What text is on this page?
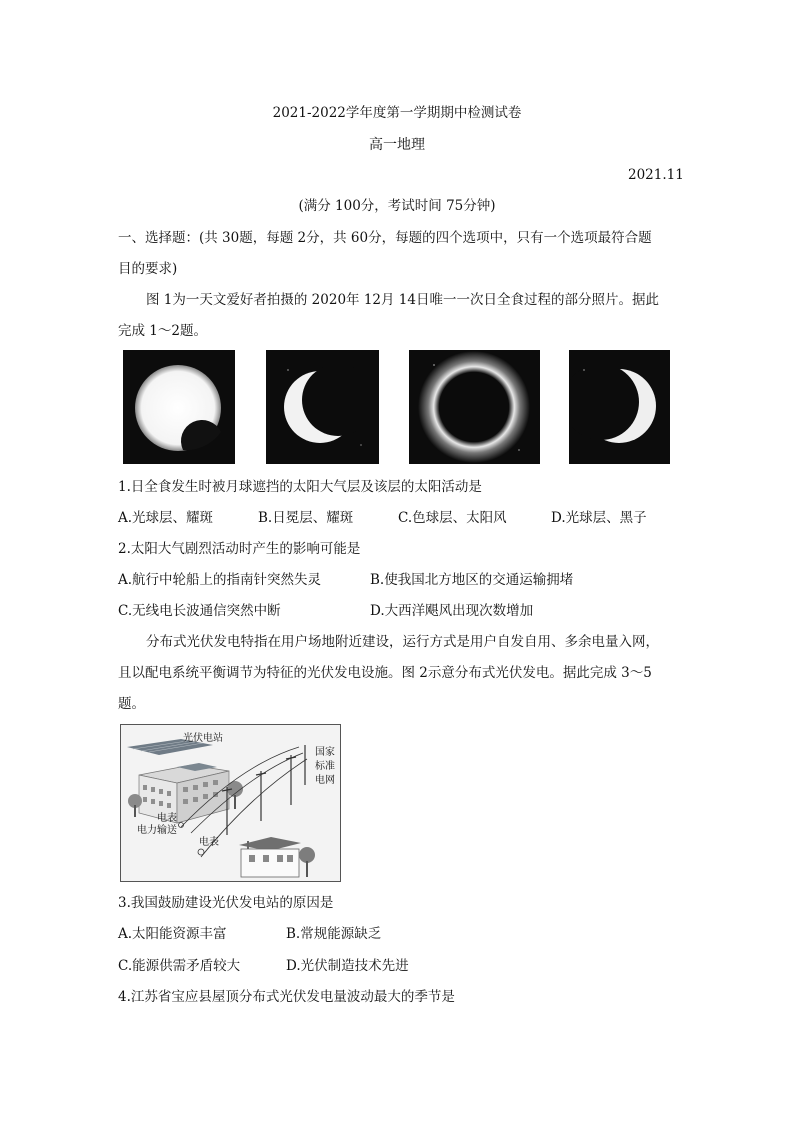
2021-2022学年度第一学期期中检测试卷
高一地理
2021.11
(满分 100分，考试时间 75分钟)
一、选择题：(共 30题，每题 2分，共 60分，每题的四个选项中，只有一个选项最符合题
目的要求)
图 1为一天文爱好者拍摄的 2020年 12月 14日唯一一次日全食过程的部分照片。据此
完成 1～2题。
1.日全食发生时被月球遮挡的太阳大气层及该层的太阳活动是
A.光球层、耀斑	B.日冕层、耀斑	C.色球层、太阳风	D.光球层、黑子
2.太阳大气剧烈活动时产生的影响可能是
A.航行中轮船上的指南针突然失灵	B.使我国北方地区的交通运输拥堵
C.无线电长波通信突然中断	D.大西洋飓风出现次数增加
分布式光伏发电特指在用户场地附近建设，运行方式是用户自发自用、多余电量入网，
且以配电系统平衡调节为特征的光伏发电设施。图 2示意分布式光伏发电。据此完成 3～5
题。
光伏电站
国家
标准
电网
电表
电力输送
电表
3.我国鼓励建设光伏发电站的原因是
A.太阳能资源丰富	B.常规能源缺乏
C.能源供需矛盾较大	D.光伏制造技术先进
4.江苏省宝应县屋顶分布式光伏发电量波动最大的季节是
